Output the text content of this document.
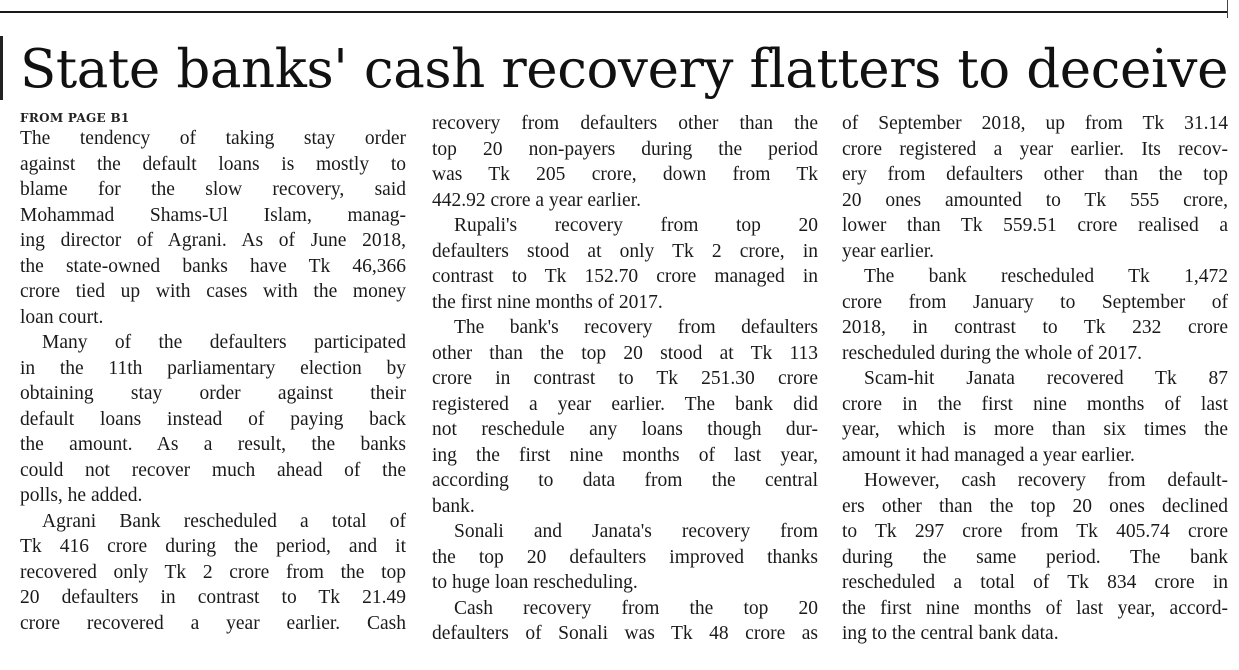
State banks' cash recovery flatters to deceive
FROM PAGE B1
The tendency of taking stay order
against the default loans is mostly to
blame for the slow recovery, said
Mohammad Shams-Ul Islam, manag-
ing director of Agrani. As of June 2018,
the state-owned banks have Tk 46,366
crore tied up with cases with the money
loan court.
Many of the defaulters participated
in the 11th parliamentary election by
obtaining stay order against their
default loans instead of paying back
the amount. As a result, the banks
could not recover much ahead of the
polls, he added.
Agrani Bank rescheduled a total of
Tk 416 crore during the period, and it
recovered only Tk 2 crore from the top
20 defaulters in contrast to Tk 21.49
crore recovered a year earlier. Cash
recovery from defaulters other than the
top 20 non-payers during the period
was Tk 205 crore, down from Tk
442.92 crore a year earlier.
Rupali's recovery from top 20
defaulters stood at only Tk 2 crore, in
contrast to Tk 152.70 crore managed in
the first nine months of 2017.
The bank's recovery from defaulters
other than the top 20 stood at Tk 113
crore in contrast to Tk 251.30 crore
registered a year earlier. The bank did
not reschedule any loans though dur-
ing the first nine months of last year,
according to data from the central
bank.
Sonali and Janata's recovery from
the top 20 defaulters improved thanks
to huge loan rescheduling.
Cash recovery from the top 20
defaulters of Sonali was Tk 48 crore as
of September 2018, up from Tk 31.14
crore registered a year earlier. Its recov-
ery from defaulters other than the top
20 ones amounted to Tk 555 crore,
lower than Tk 559.51 crore realised a
year earlier.
The bank rescheduled Tk 1,472
crore from January to September of
2018, in contrast to Tk 232 crore
rescheduled during the whole of 2017.
Scam-hit Janata recovered Tk 87
crore in the first nine months of last
year, which is more than six times the
amount it had managed a year earlier.
However, cash recovery from default-
ers other than the top 20 ones declined
to Tk 297 crore from Tk 405.74 crore
during the same period. The bank
rescheduled a total of Tk 834 crore in
the first nine months of last year, accord-
ing to the central bank data.
